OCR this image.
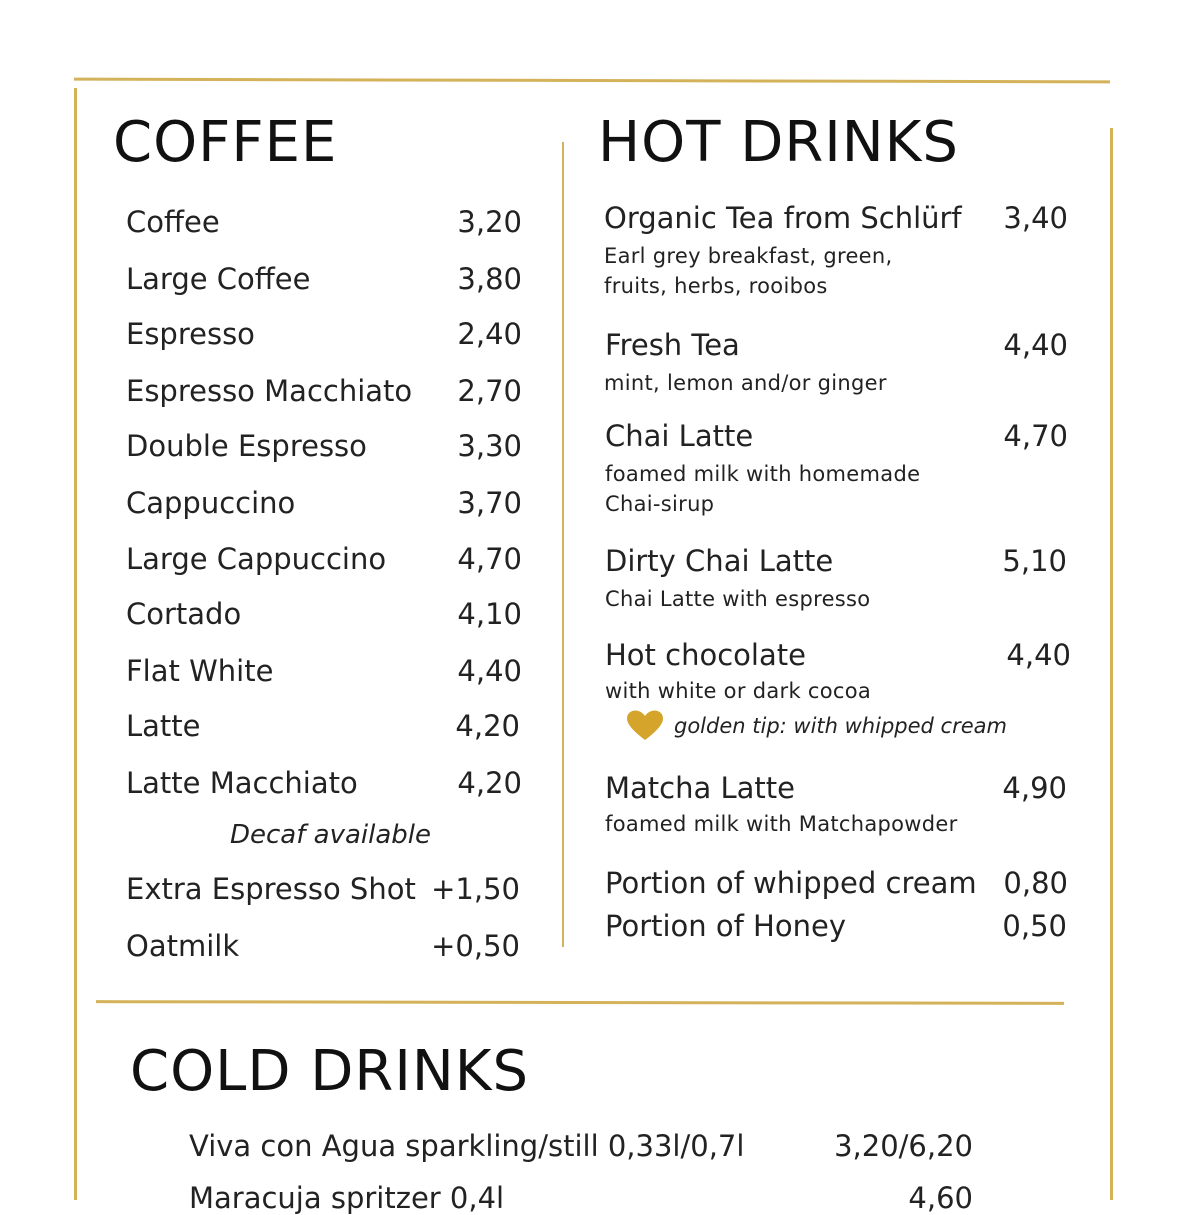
COFFEE
Coffee	3,20
Large Coffee	3,80
Espresso	2,40
Espresso Macchiato 2,70
Double Espresso	3,30
Cappuccino	3,70
Large Cappuccino 4,70
Cortado	4,10
Flat White	4,40
Latte	4,20
Latte Macchiato	4,20
Decaf available
Extra Espresso Shot +1,50
Oatmilk	+0,50
HOT DRINKS
Organic Tea from Schlürf 3,40
Earl grey breakfast, green,
fruits, herbs, rooibos
Fresh Tea	4,40
mint, lemon and/or ginger
Chai Latte	4,70
foamed milk with homemade
Chai-sirup
Dirty Chai Latte	5,10
Chai Latte with espresso
Hot chocolate	4,40
with white or dark cocoa
golden tip: with whipped cream
Matcha Latte	4,90
foamed milk with Matchapowder
Portion of whipped cream 0,80
Portion of Honey	0,50
COLD DRINKS
Viva con Agua sparkling/still 0,33l/0,7l	3,20/6,20
Maracuja spritzer 0,4l	4,60
